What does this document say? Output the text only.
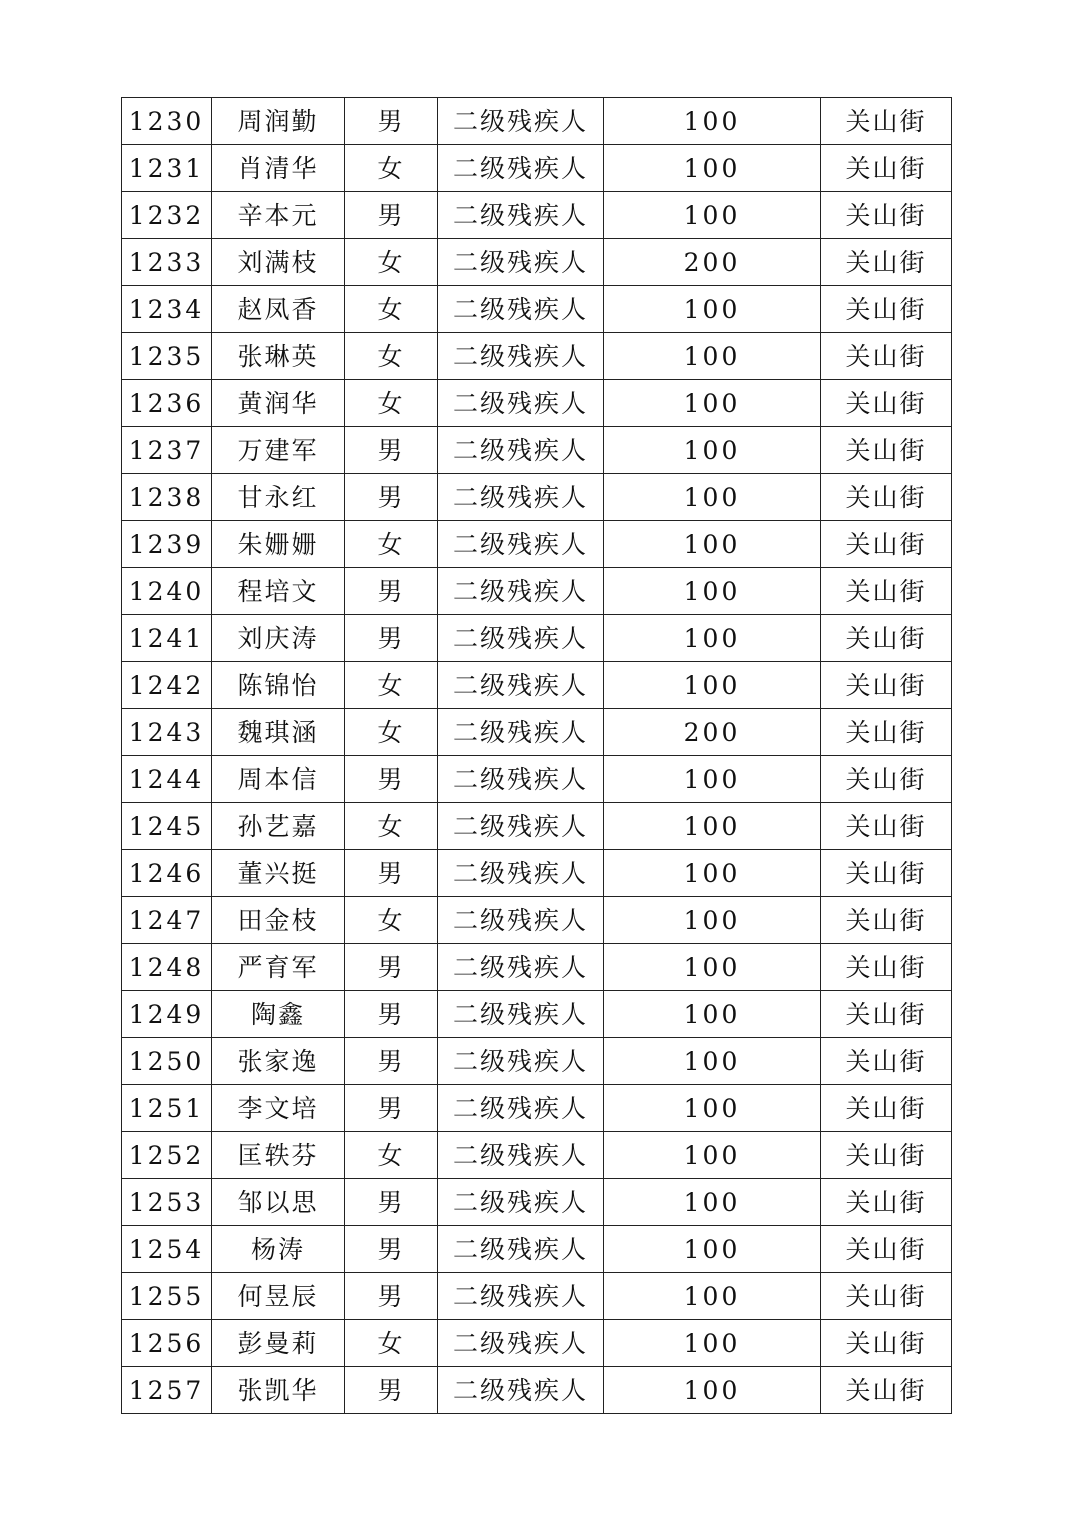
1230	周润勤	男	二级残疾人	100	关山街
1231	肖清华	女	二级残疾人	100	关山街
1232	辛本元	男	二级残疾人	100	关山街
1233	刘满枝	女	二级残疾人	200	关山街
1234	赵凤香	女	二级残疾人	100	关山街
1235	张琳英	女	二级残疾人	100	关山街
1236	黄润华	女	二级残疾人	100	关山街
1237	万建军	男	二级残疾人	100	关山街
1238	甘永红	男	二级残疾人	100	关山街
1239	朱姗姗	女	二级残疾人	100	关山街
1240	程培文	男	二级残疾人	100	关山街
1241	刘庆涛	男	二级残疾人	100	关山街
1242	陈锦怡	女	二级残疾人	100	关山街
1243	魏琪涵	女	二级残疾人	200	关山街
1244	周本信	男	二级残疾人	100	关山街
1245	孙艺嘉	女	二级残疾人	100	关山街
1246	董兴挺	男	二级残疾人	100	关山街
1247	田金枝	女	二级残疾人	100	关山街
1248	严育军	男	二级残疾人	100	关山街
1249	陶鑫	男	二级残疾人	100	关山街
1250	张家逸	男	二级残疾人	100	关山街
1251	李文培	男	二级残疾人	100	关山街
1252	匡轶芬	女	二级残疾人	100	关山街
1253	邹以思	男	二级残疾人	100	关山街
1254	杨涛	男	二级残疾人	100	关山街
1255	何昱辰	男	二级残疾人	100	关山街
1256	彭曼莉	女	二级残疾人	100	关山街
1257	张凯华	男	二级残疾人	100	关山街
